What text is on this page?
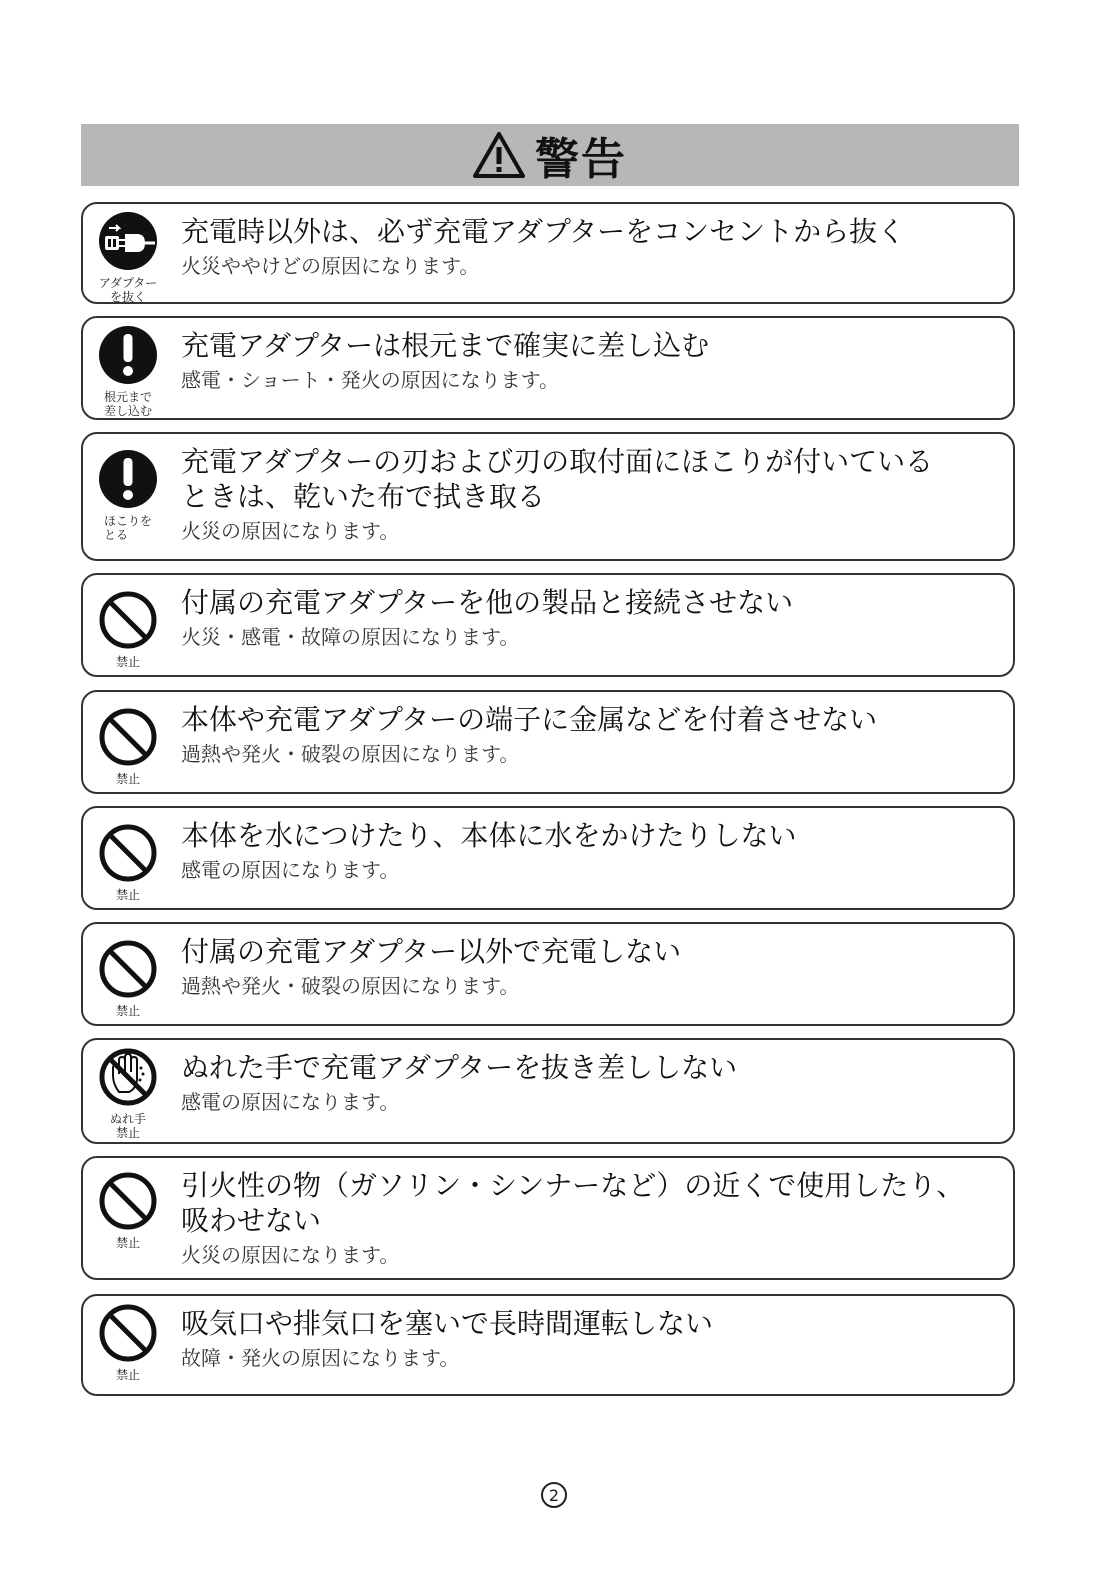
警告
アダプター
を抜く
充電時以外は、必ず充電アダプターをコンセントから抜く
火災ややけどの原因になります。
根元まで
差し込む
充電アダプターは根元まで確実に差し込む
感電・ショート・発火の原因になります。
ほこりを
とる
充電アダプターの刃および刃の取付面にほこりが付いている
ときは、乾いた布で拭き取る
火災の原因になります。
禁止
付属の充電アダプターを他の製品と接続させない
火災・感電・故障の原因になります。
禁止
本体や充電アダプターの端子に金属などを付着させない
過熱や発火・破裂の原因になります。
禁止
本体を水につけたり、本体に水をかけたりしない
感電の原因になります。
禁止
付属の充電アダプター以外で充電しない
過熱や発火・破裂の原因になります。
ぬれ手
禁止
ぬれた手で充電アダプターを抜き差ししない
感電の原因になります。
禁止
引火性の物（ガソリン・シンナーなど）の近くで使用したり、
吸わせない
火災の原因になります。
禁止
吸気口や排気口を塞いで長時間運転しない
故障・発火の原因になります。
2
